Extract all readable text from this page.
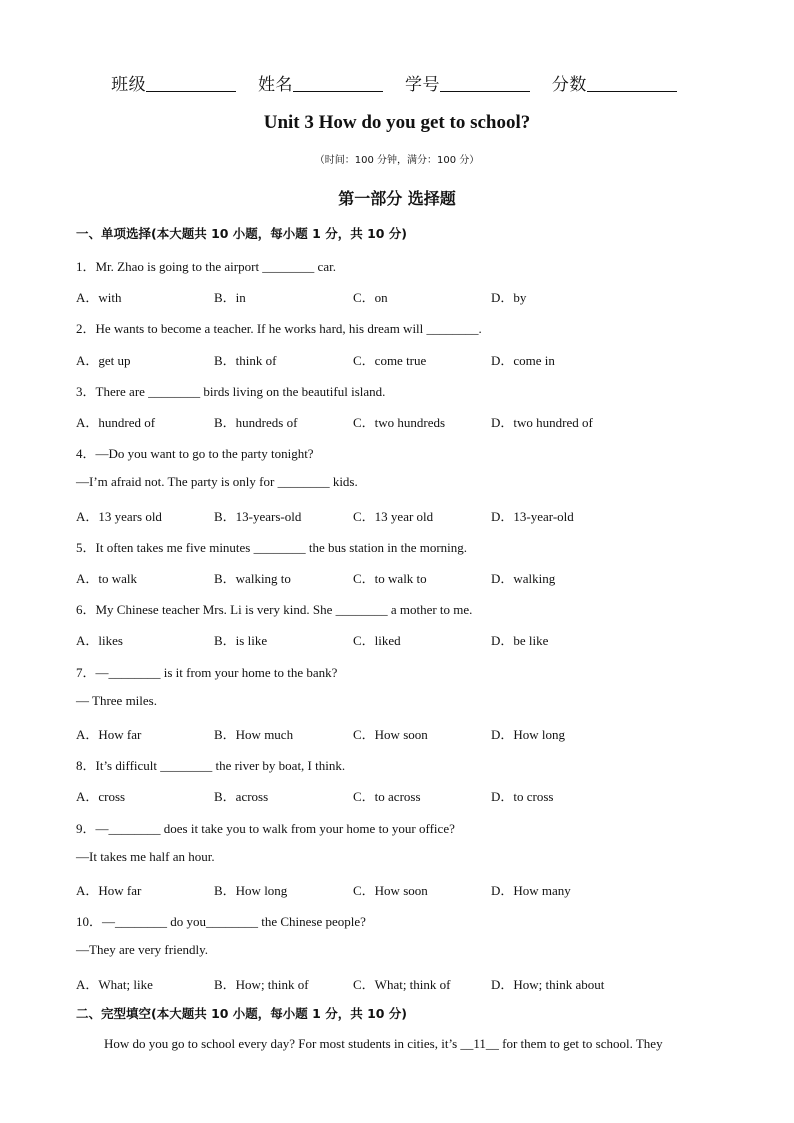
班级	姓名	学号	分数
Unit 3 How do you get to school?
（时间：100 分钟，满分：100 分）
第一部分 选择题
一、单项选择(本大题共 10 小题，每小题 1 分，共 10 分)
1．Mr. Zhao is going to the airport ________ car.
A．with	B．in	C．on	D．by
2．He wants to become a teacher. If he works hard, his dream will ________.
A．get up	B．think of	C．come true	D．come in
3．There are ________ birds living on the beautiful island.
A．hundred of	B．hundreds of	C．two hundreds	D．two hundred of
4．—Do you want to go to the party tonight?
—I’m afraid not. The party is only for ________ kids.
A．13 years old	B．13-years-old	C．13 year old	D．13-year-old
5．It often takes me five minutes ________ the bus station in the morning.
A．to walk	B．walking to	C．to walk to	D．walking
6．My Chinese teacher Mrs. Li is very kind. She ________ a mother to me.
A．likes	B．is like	C．liked	D．be like
7．—________ is it from your home to the bank?
— Three miles.
A．How far	B．How much	C．How soon	D．How long
8．It’s difficult ________ the river by boat, I think.
A．cross	B．across	C．to across	D．to cross
9．—________ does it take you to walk from your home to your office?
—It takes me half an hour.
A．How far	B．How long	C．How soon	D．How many
10．—________ do you________ the Chinese people?
—They are very friendly.
A．What; like	B．How; think of	C．What; think of	D．How; think about
二、完型填空(本大题共 10 小题，每小题 1 分，共 10 分)
How do you go to school every day? For most students in cities, it’s __11__ for them to get to school. They
